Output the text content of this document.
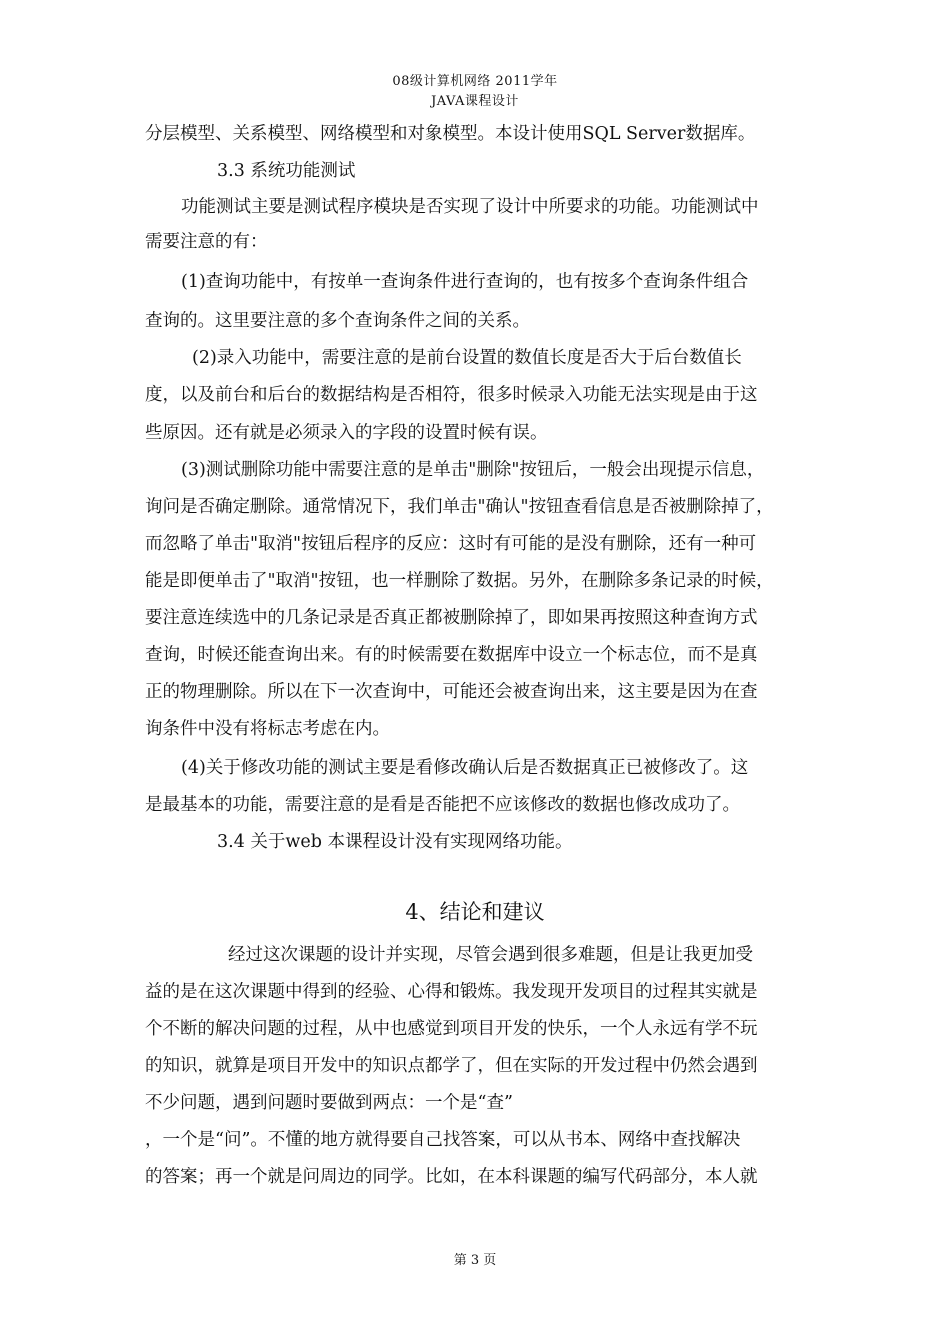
08级计算机网络 2011学年
JAVA课程设计
分层模型、关系模型、网络模型和对象模型。本设计使用SQL Server数据库。
3.3 系统功能测试
功能测试主要是测试程序模块是否实现了设计中所要求的功能。功能测试中
需要注意的有：
(1)查询功能中，有按单一查询条件进行查询的，也有按多个查询条件组合
查询的。这里要注意的多个查询条件之间的关系。
(2)录入功能中，需要注意的是前台设置的数值长度是否大于后台数值长
度，以及前台和后台的数据结构是否相符，很多时候录入功能无法实现是由于这
些原因。还有就是必须录入的字段的设置时候有误。
(3)测试删除功能中需要注意的是单击"删除"按钮后，一般会出现提示信息，
询问是否确定删除。通常情况下，我们单击"确认"按钮查看信息是否被删除掉了，
而忽略了单击"取消"按钮后程序的反应：这时有可能的是没有删除，还有一种可
能是即便单击了"取消"按钮，也一样删除了数据。另外，在删除多条记录的时候，
要注意连续选中的几条记录是否真正都被删除掉了，即如果再按照这种查询方式
查询，时候还能查询出来。有的时候需要在数据库中设立一个标志位，而不是真
正的物理删除。所以在下一次查询中，可能还会被查询出来，这主要是因为在查
询条件中没有将标志考虑在内。
(4)关于修改功能的测试主要是看修改确认后是否数据真正已被修改了。这
是最基本的功能，需要注意的是看是否能把不应该修改的数据也修改成功了。
3.4 关于web 本课程设计没有实现网络功能。
4、结论和建议
经过这次课题的设计并实现，尽管会遇到很多难题，但是让我更加受
益的是在这次课题中得到的经验、心得和锻炼。我发现开发项目的过程其实就是
个不断的解决问题的过程，从中也感觉到项目开发的快乐，一个人永远有学不玩
的知识，就算是项目开发中的知识点都学了，但在实际的开发过程中仍然会遇到
不少问题，遇到问题时要做到两点：一个是“查”
，一个是“问”。不懂的地方就得要自己找答案，可以从书本、网络中查找解决
的答案；再一个就是问周边的同学。比如，在本科课题的编写代码部分，本人就
第 3 页
